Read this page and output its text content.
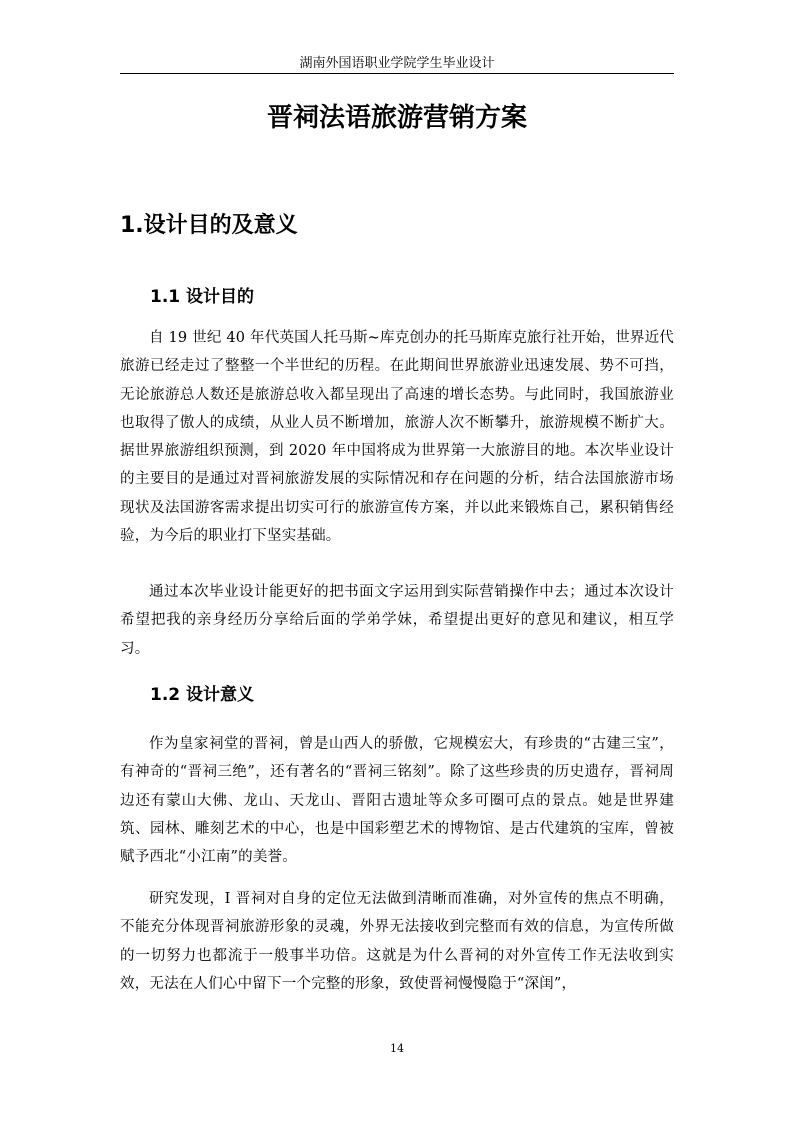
湖南外国语职业学院学生毕业设计
晋祠法语旅游营销方案
1.设计目的及意义
1.1 设计目的

自 19 世纪 40 年代英国人托马斯~库克创办的托马斯库克旅行社开始，世界近代旅游已经走过了整整一个半世纪的历程。在此期间世界旅游业迅速发展、势不可挡，无论旅游总人数还是旅游总收入都呈现出了高速的增长态势。与此同时，我国旅游业也取得了傲人的成绩，从业人员不断增加，旅游人次不断攀升，旅游规模不断扩大。据世界旅游组织预测，到 2020 年中国将成为世界第一大旅游目的地。本次毕业设计的主要目的是通过对晋祠旅游发展的实际情况和存在问题的分析，结合法国旅游市场现状及法国游客需求提出切实可行的旅游宣传方案，并以此来锻炼自己，累积销售经验，为今后的职业打下坚实基础。

通过本次毕业设计能更好的把书面文字运用到实际营销操作中去；通过本次设计希望把我的亲身经历分享给后面的学弟学妹，希望提出更好的意见和建议，相互学习。

1.2 设计意义

作为皇家祠堂的晋祠，曾是山西人的骄傲，它规模宏大，有珍贵的“古建三宝”，有神奇的“晋祠三绝”，还有著名的“晋祠三铭刻”。除了这些珍贵的历史遗存，晋祠周边还有蒙山大佛、龙山、天龙山、晋阳古遗址等众多可圈可点的景点。她是世界建筑、园林、雕刻艺术的中心，也是中国彩塑艺术的博物馆、是古代建筑的宝库，曾被赋予西北“小江南”的美誉。

研究发现，I 晋祠对自身的定位无法做到清晰而准确，对外宣传的焦点不明确，不能充分体现晋祠旅游形象的灵魂，外界无法接收到完整而有效的信息，为宣传所做的一切努力也都流于一般事半功倍。这就是为什么晋祠的对外宣传工作无法收到实效，无法在人们心中留下一个完整的形象，致使晋祠慢慢隐于“深闺”，

14
